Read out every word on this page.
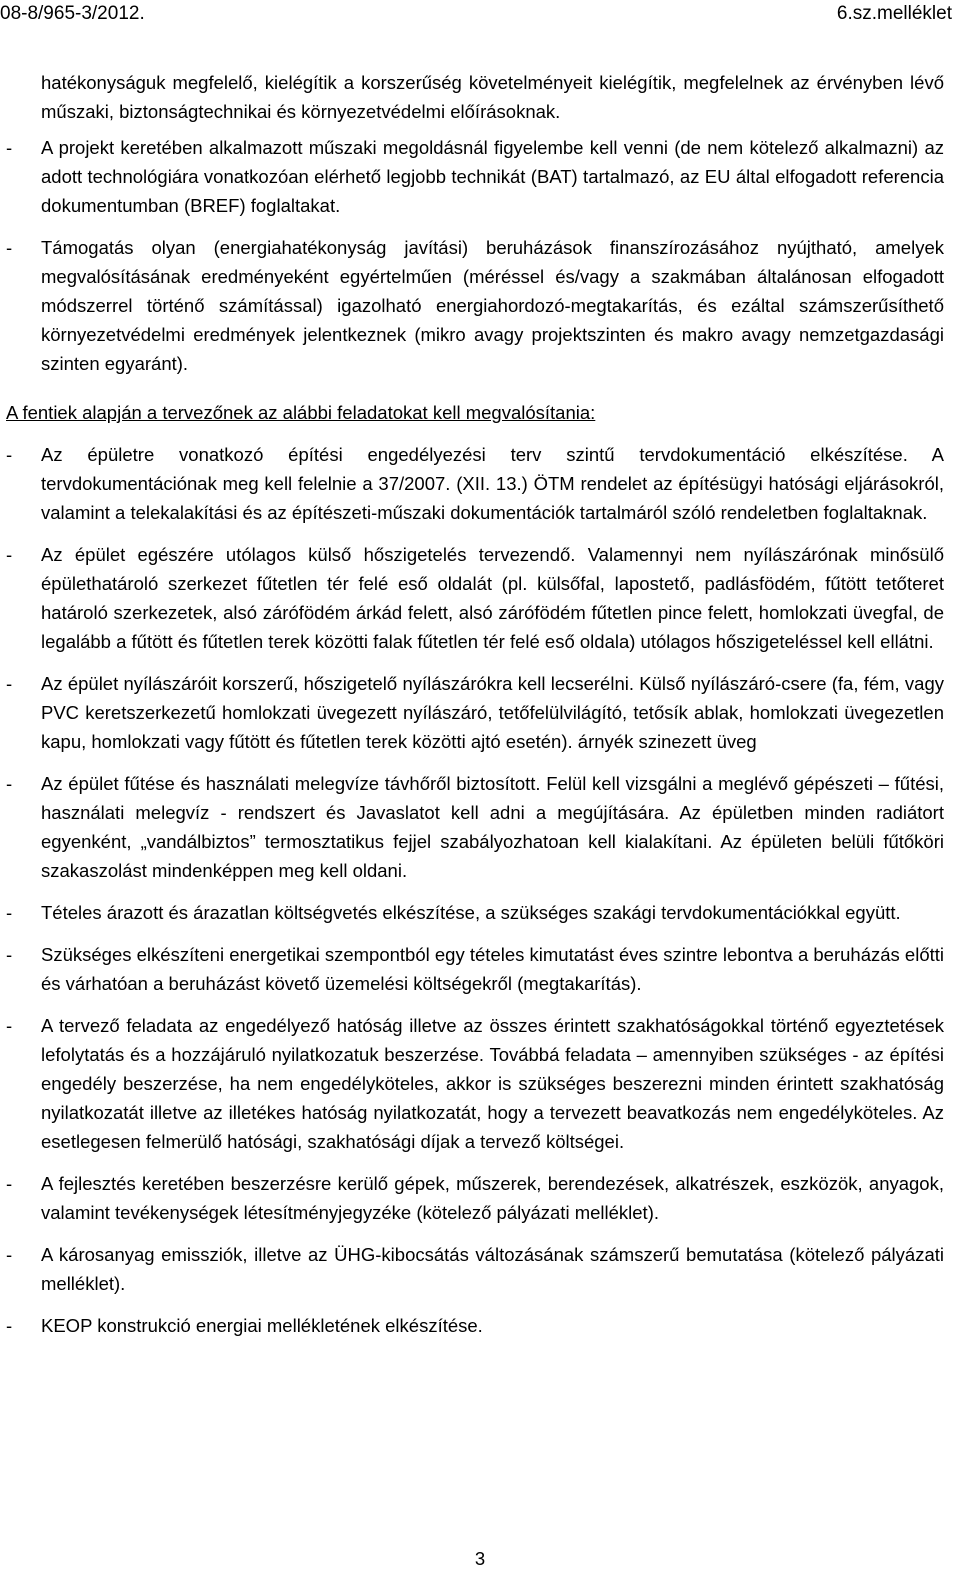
08-8/965-3/2012.	6.sz.melléklet

hatékonyságuk megfelelő, kielégítik a korszerűség követelményeit kielégítik, megfelelnek az érvényben lévő műszaki, biztonságtechnikai és környezetvédelmi előírásoknak.

- A projekt keretében alkalmazott műszaki megoldásnál figyelembe kell venni (de nem kötelező alkalmazni) az adott technológiára vonatkozóan elérhető legjobb technikát (BAT) tartalmazó, az EU által elfogadott referencia dokumentumban (BREF) foglaltakat.

- Támogatás olyan (energiahatékonyság javítási) beruházások finanszírozásához nyújtható, amelyek megvalósításának eredményeként egyértelműen (méréssel és/vagy a szakmában általánosan elfogadott módszerrel történő számítással) igazolható energiahordozó-megtakarítás, és ezáltal számszerűsíthető környezetvédelmi eredmények jelentkeznek (mikro avagy projektszinten és makro avagy nemzetgazdasági szinten egyaránt).

A fentiek alapján a tervezőnek az alábbi feladatokat kell megvalósítania:

- Az épületre vonatkozó építési engedélyezési terv szintű tervdokumentáció elkészítése. A tervdokumentációnak meg kell felelnie a 37/2007. (XII. 13.) ÖTM rendelet az építésügyi hatósági eljárásokról, valamint a telekalakítási és az építészeti-műszaki dokumentációk tartalmáról szóló rendeletben foglaltaknak.

- Az épület egészére utólagos külső hőszigetelés tervezendő. Valamennyi nem nyílászárónak minősülő épülethatároló szerkezet fűtetlen tér felé eső oldalát (pl. külsőfal, lapostető, padlásfödém, fűtött tetőteret határoló szerkezetek, alsó zárófödém árkád felett, alsó zárófödém fűtetlen pince felett, homlokzati üvegfal, de legalább a fűtött és fűtetlen terek közötti falak fűtetlen tér felé eső oldala) utólagos hőszigeteléssel kell ellátni.

- Az épület nyílászáróit korszerű, hőszigetelő nyílászárókra kell lecserélni. Külső nyílászáró-csere (fa, fém, vagy PVC keretszerkezetű homlokzati üvegezett nyílászáró, tetőfelülvilágító, tetősík ablak, homlokzati üvegezetlen kapu, homlokzati vagy fűtött és fűtetlen terek közötti ajtó esetén). árnyék szinezett üveg

- Az épület fűtése és használati melegvíze távhőről biztosított. Felül kell vizsgálni a meglévő gépészeti – fűtési, használati melegvíz - rendszert és Javaslatot kell adni a megújítására. Az épületben minden radiátort egyenként, „vandálbiztos” termosztatikus fejjel szabályozhatoan kell kialakítani. Az épületen belüli fűtőköri szakaszolást mindenképpen meg kell oldani.

- Tételes árazott és árazatlan költségvetés elkészítése, a szükséges szakági tervdokumentációkkal együtt.

- Szükséges elkészíteni energetikai szempontból egy tételes kimutatást éves szintre lebontva a beruházás előtti és várhatóan a beruházást követő üzemelési költségekről (megtakarítás).

- A tervező feladata az engedélyező hatóság illetve az összes érintett szakhatóságokkal történő egyeztetések lefolytatás és a hozzájáruló nyilatkozatuk beszerzése. Továbbá feladata – amennyiben szükséges - az építési engedély beszerzése, ha nem engedélyköteles, akkor is szükséges beszerezni minden érintett szakhatóság nyilatkozatát illetve az illetékes hatóság nyilatkozatát, hogy a tervezett beavatkozás nem engedélyköteles. Az esetlegesen felmerülő hatósági, szakhatósági díjak a tervező költségei.

- A fejlesztés keretében beszerzésre kerülő gépek, műszerek, berendezések, alkatrészek, eszközök, anyagok, valamint tevékenységek létesítményjegyzéke (kötelező pályázati melléklet).

- A károsanyag emissziók, illetve az ÜHG-kibocsátás változásának számszerű bemutatása (kötelező pályázati melléklet).

- KEOP konstrukció energiai mellékletének elkészítése.

3
